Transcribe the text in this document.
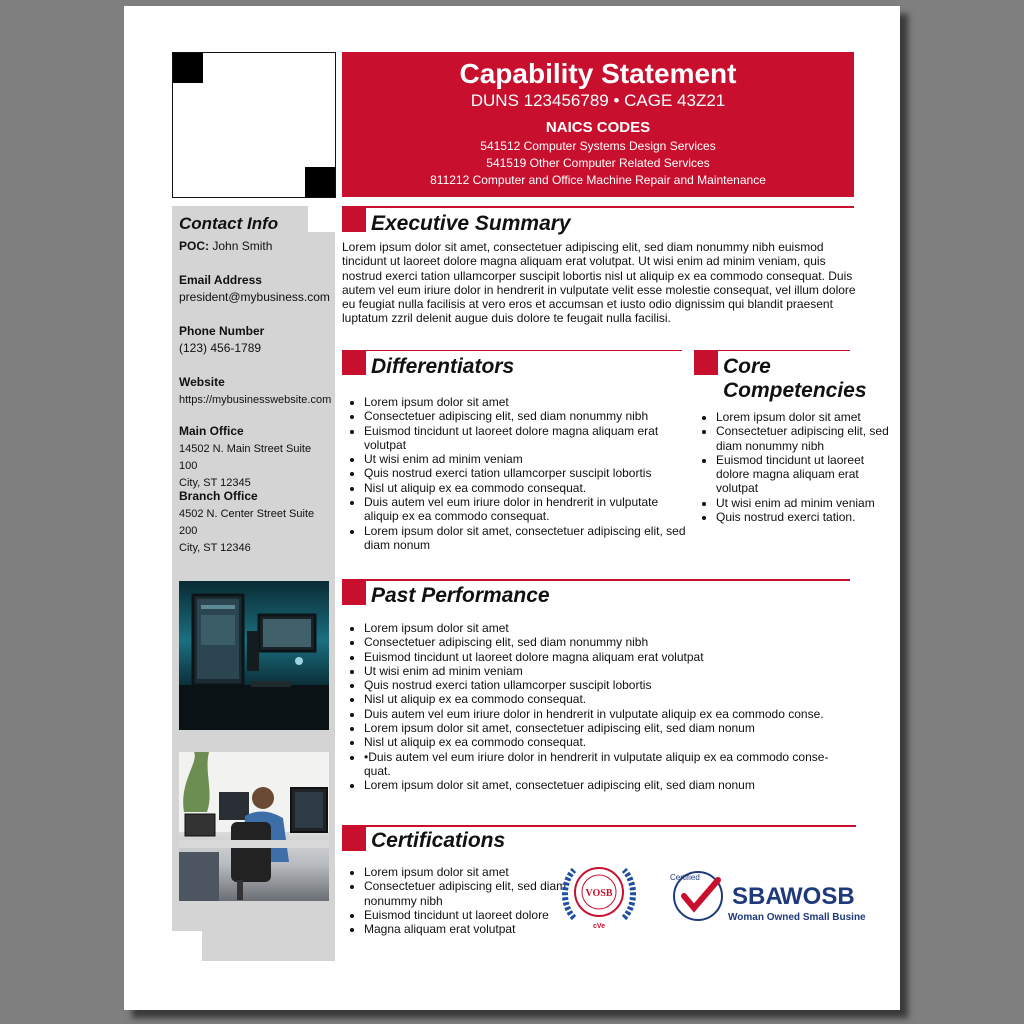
Capability Statement
DUNS 123456789 • CAGE 43Z21
NAICS CODES
541512 Computer Systems Design Services
541519 Other Computer Related Services
811212 Computer and Office Machine Repair and Maintenance
Contact Info
POC: John Smith
Email Address
president@mybusiness.com
Phone Number
(123) 456-1789
Website
https://mybusinesswebsite.com
Main Office
14502 N. Main Street Suite 100
City, ST 12345
Branch Office
4502 N. Center Street Suite 200
City, ST 12346
Executive Summary
Lorem ipsum dolor sit amet, consectetuer adipiscing elit, sed diam nonummy nibh euismod tincidunt ut laoreet dolore magna aliquam erat volutpat. Ut wisi enim ad minim veniam, quis nostrud exerci tation ullamcorper suscipit lobortis nisl ut aliquip ex ea commodo consequat. Duis autem vel eum iriure dolor in hendrerit in vulputate velit esse molestie consequat, vel illum dolore eu feugiat nulla facilisis at vero eros et accumsan et iusto odio dignissim qui blandit praesent luptatum zzril delenit augue duis dolore te feugait nulla facilisi.
Differentiators
• Lorem ipsum dolor sit amet
• Consectetuer adipiscing elit, sed diam nonummy nibh
• Euismod tincidunt ut laoreet dolore magna aliquam erat volutpat
• Ut wisi enim ad minim veniam
• Quis nostrud exerci tation ullamcorper suscipit lobortis
• Nisl ut aliquip ex ea commodo consequat.
• Duis autem vel eum iriure dolor in hendrerit in vulputate aliquip ex ea commodo consequat.
• Lorem ipsum dolor sit amet, consectetuer adipiscing elit, sed diam nonum
Core
Competencies
• Lorem ipsum dolor sit amet
• Consectetuer adipiscing elit, sed diam nonummy nibh
• Euismod tincidunt ut laoreet dolore magna aliquam erat volutpat
• Ut wisi enim ad minim veniam
• Quis nostrud exerci tation.
Past Performance
• Lorem ipsum dolor sit amet
• Consectetuer adipiscing elit, sed diam nonummy nibh
• Euismod tincidunt ut laoreet dolore magna aliquam erat volutpat
• Ut wisi enim ad minim veniam
• Quis nostrud exerci tation ullamcorper suscipit lobortis
• Nisl ut aliquip ex ea commodo consequat.
• Duis autem vel eum iriure dolor in hendrerit in vulputate aliquip ex ea commodo conse.
• Lorem ipsum dolor sit amet, consectetuer adipiscing elit, sed diam nonum
• Nisl ut aliquip ex ea commodo consequat.
• •Duis autem vel eum iriure dolor in hendrerit in vulputate aliquip ex ea commodo conse-quat.
• Lorem ipsum dolor sit amet, consectetuer adipiscing elit, sed diam nonum
Certifications
• Lorem ipsum dolor sit amet
• Consectetuer adipiscing elit, sed diam nonummy nibh
• Euismod tincidunt ut laoreet dolore
• Magna aliquam erat volutpat
VOSB
cVe
Certified
SBA
WOSB
Woman Owned Small Business
